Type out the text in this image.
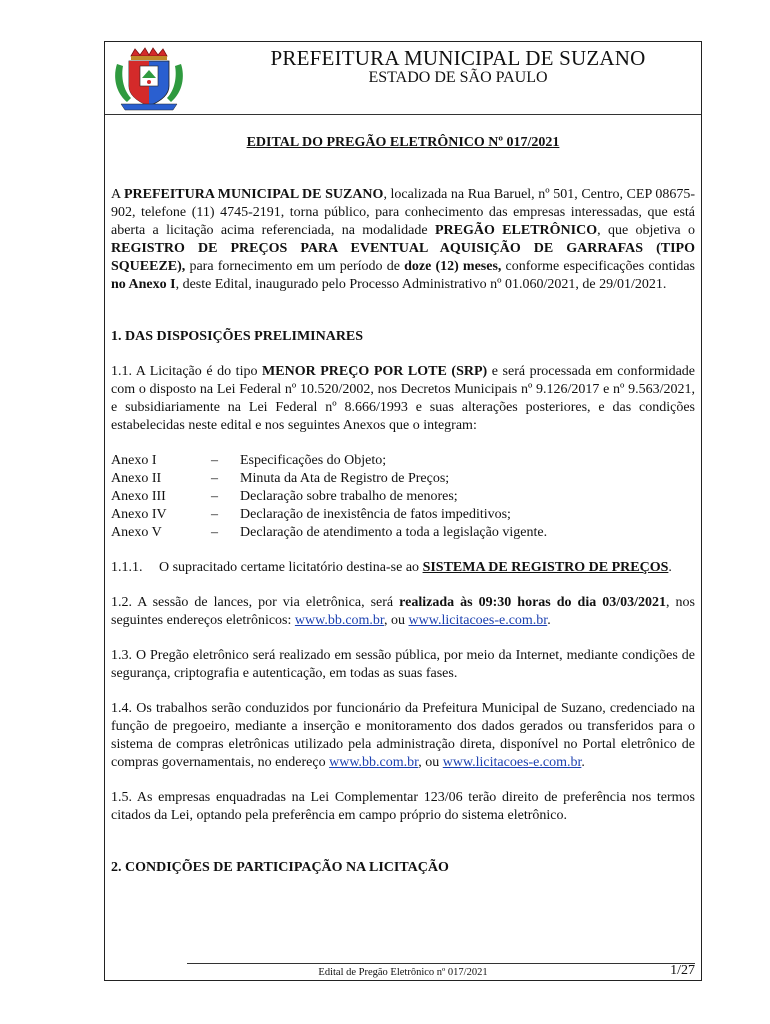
PREFEITURA MUNICIPAL DE SUZANO
ESTADO DE SÃO PAULO
EDITAL DO PREGÃO ELETRÔNICO Nº 017/2021

A PREFEITURA MUNICIPAL DE SUZANO, localizada na Rua Baruel, nº 501, Centro, CEP 08675-902, telefone (11) 4745-2191, torna público, para conhecimento das empresas interessadas, que está aberta a licitação acima referenciada, na modalidade PREGÃO ELETRÔNICO, que objetiva o REGISTRO DE PREÇOS PARA EVENTUAL AQUISIÇÃO DE GARRAFAS (TIPO SQUEEZE), para fornecimento em um período de doze (12) meses, conforme especificações contidas no Anexo I, deste Edital, inaugurado pelo Processo Administrativo nº 01.060/2021, de 29/01/2021.

1. DAS DISPOSIÇÕES PRELIMINARES

1.1. A Licitação é do tipo MENOR PREÇO POR LOTE (SRP) e será processada em conformidade com o disposto na Lei Federal nº 10.520/2002, nos Decretos Municipais nº 9.126/2017 e nº 9.563/2021, e subsidiariamente na Lei Federal nº 8.666/1993 e suas alterações posteriores, e das condições estabelecidas neste edital e nos seguintes Anexos que o integram:

Anexo I	–	Especificações do Objeto;
Anexo II	–	Minuta da Ata de Registro de Preços;
Anexo III	–	Declaração sobre trabalho de menores;
Anexo IV	–	Declaração de inexistência de fatos impeditivos;
Anexo V	–	Declaração de atendimento a toda a legislação vigente.
1.1.1.	O supracitado certame licitatório destina-se ao SISTEMA DE REGISTRO DE PREÇOS.

1.2. A sessão de lances, por via eletrônica, será realizada às 09:30 horas do dia 03/03/2021, nos seguintes endereços eletrônicos: www.bb.com.br, ou www.licitacoes-e.com.br.

1.3. O Pregão eletrônico será realizado em sessão pública, por meio da Internet, mediante condições de segurança, criptografia e autenticação, em todas as suas fases.

1.4. Os trabalhos serão conduzidos por funcionário da Prefeitura Municipal de Suzano, credenciado na função de pregoeiro, mediante a inserção e monitoramento dos dados gerados ou transferidos para o sistema de compras eletrônicas utilizado pela administração direta, disponível no Portal eletrônico de compras governamentais, no endereço www.bb.com.br, ou www.licitacoes-e.com.br.

1.5. As empresas enquadradas na Lei Complementar 123/06 terão direito de preferência nos termos citados da Lei, optando pela preferência em campo próprio do sistema eletrônico.

2. CONDIÇÕES DE PARTICIPAÇÃO NA LICITAÇÃO
Edital de Pregão Eletrônico nº 017/2021	1/27
